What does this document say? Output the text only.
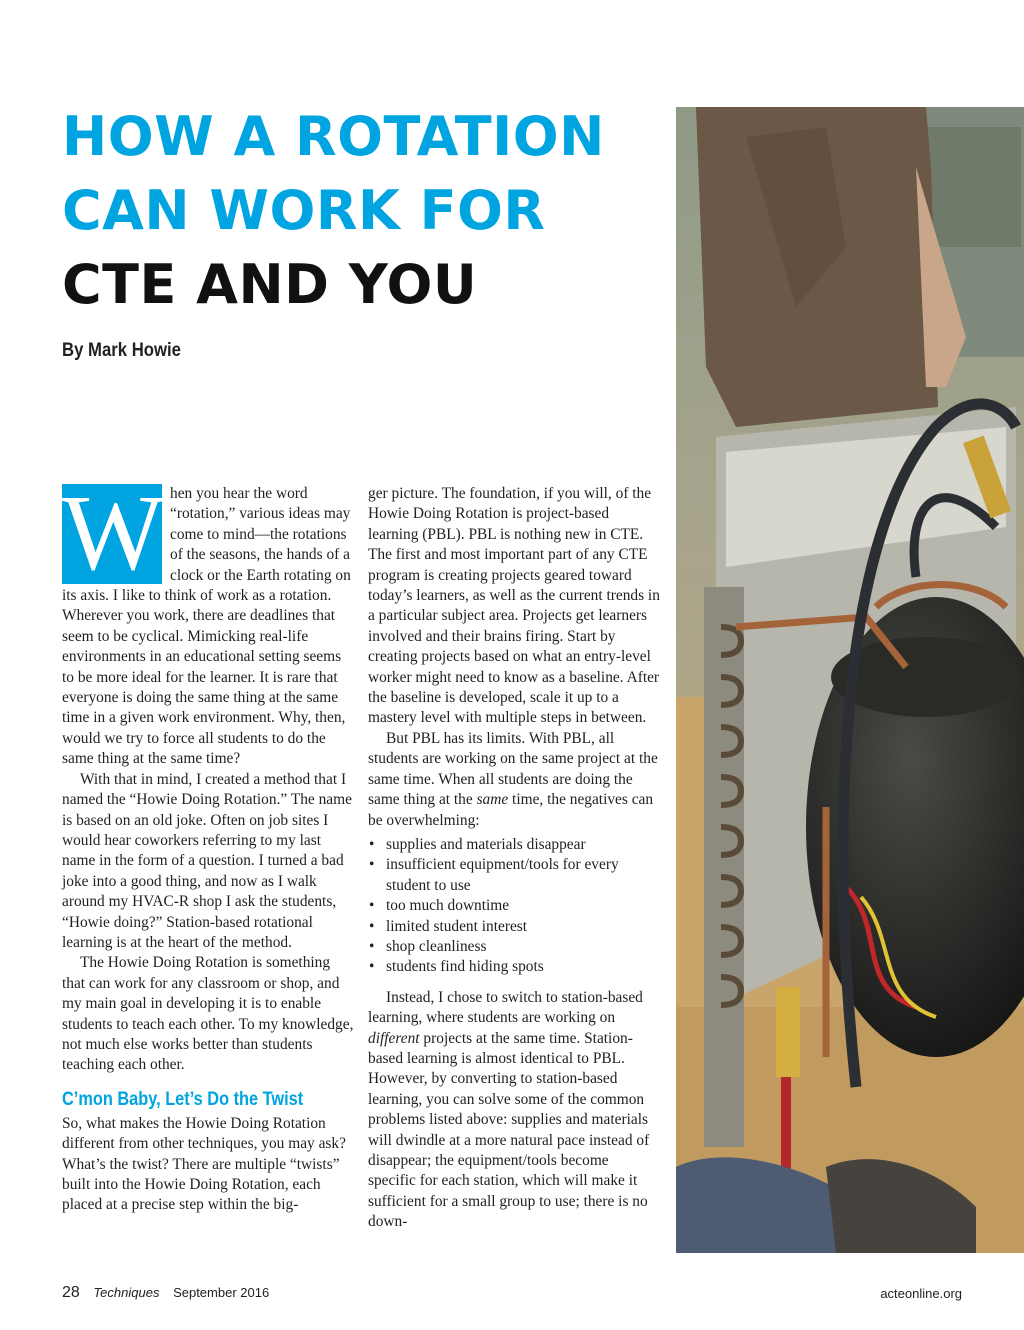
HOW A ROTATION
CAN WORK FOR
CTE AND YOU
By Mark Howie
W hen you hear the word “rotation,” various ideas may come to mind—the rotations of the seasons, the hands of a clock or the Earth rotating on its axis. I like to think of work as a rotation. Wherever you work, there are deadlines that seem to be cyclical. Mimicking real-life environments in an educational setting seems to be more ideal for the learner. It is rare that everyone is doing the same thing at the same time in a given work environment. Why, then, would we try to force all students to do the same thing at the same time?

With that in mind, I created a method that I named the “Howie Doing Rotation.” The name is based on an old joke. Often on job sites I would hear coworkers referring to my last name in the form of a question. I turned a bad joke into a good thing, and now as I walk around my HVAC-R shop I ask the students, “Howie doing?” Station-based rotational learning is at the heart of the method.

The Howie Doing Rotation is something that can work for any classroom or shop, and my main goal in developing it is to enable students to teach each other. To my knowledge, not much else works better than students teaching each other.

C’mon Baby, Let’s Do the Twist

So, what makes the Howie Doing Rotation different from other techniques, you may ask? What’s the twist? There are multiple “twists” built into the Howie Doing Rotation, each placed at a precise step within the big-

ger picture. The foundation, if you will, of the Howie Doing Rotation is project-based learning (PBL). PBL is nothing new in CTE. The first and most important part of any CTE program is creating projects geared toward today’s learners, as well as the current trends in a particular subject area. Projects get learners involved and their brains firing. Start by creating projects based on what an entry-level worker might need to know as a baseline. After the baseline is developed, scale it up to a mastery level with multiple steps in between.

But PBL has its limits. With PBL, all students are working on the same project at the same time. When all students are doing the same thing at the same time, the negatives can be overwhelming:

• supplies and materials disappear
• insufficient equipment/tools for every student to use
• too much downtime
• limited student interest
• shop cleanliness
• students find hiding spots

Instead, I chose to switch to station-based learning, where students are working on different projects at the same time. Station-based learning is almost identical to PBL. However, by converting to station-based learning, you can solve some of the common problems listed above: supplies and materials will dwindle at a more natural pace instead of disappear; the equipment/tools become specific for each station, which will make it sufficient for a small group to use; there is no down-

28 Techniques September 2016	acteonline.org
